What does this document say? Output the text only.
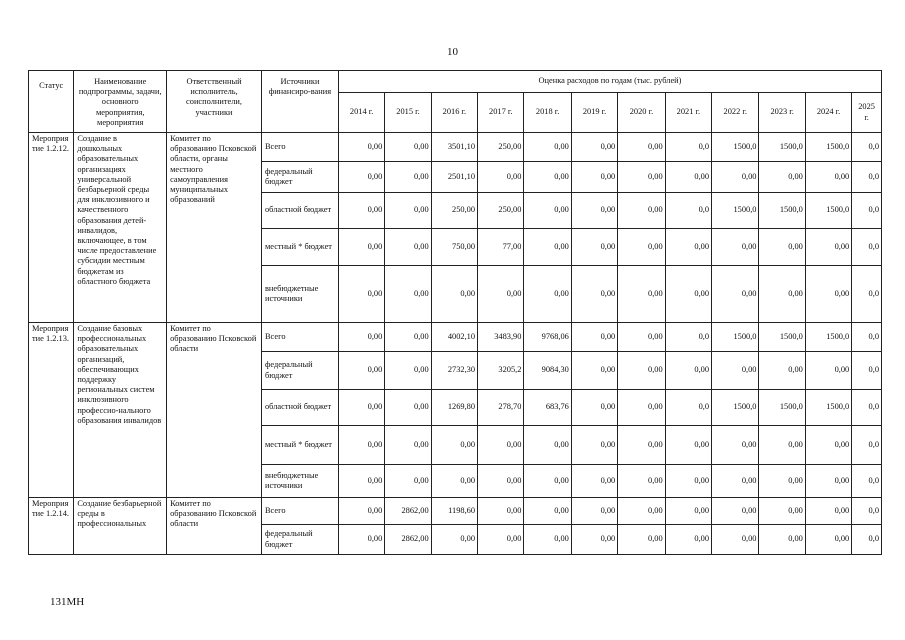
10
Статус	Наименование подпрограммы, задачи, основного мероприятия, мероприятия	Ответственный исполнитель, соисполнители, участники	Источники финансиро-вания	Оценка расходов по годам (тыс. рублей)											
				2014 г.	2015 г.	2016 г.	2017 г.	2018 г.	2019 г.	2020 г.	2021 г.	2022 г.	2023 г.	2024 г.	2025 г.
Мероприятие 1.2.12.	Создание в дошкольных образовательных организациях универсальной безбарьерной среды для инклюзивного и качественного образования детей-инвалидов, включающее, в том числе предоставление субсидии местным бюджетам из областного бюджета	Комитет по образованию Псковской области, органы местного самоуправления муниципальных образований	Всего	0,00	0,00	3501,10	250,00	0,00	0,00	0,00	0,0	1500,0	1500,0	1500,0	0,0
			федеральный бюджет	0,00	0,00	2501,10	0,00	0,00	0,00	0,00	0,00	0,00	0,00	0,00	0,0
			областной бюджет	0,00	0,00	250,00	250,00	0,00	0,00	0,00	0,0	1500,0	1500,0	1500,0	0,0
			местный * бюджет	0,00	0,00	750,00	77,00	0,00	0,00	0,00	0,00	0,00	0,00	0,00	0,0
			внебюджетные источники	0,00	0,00	0,00	0,00	0,00	0,00	0,00	0,00	0,00	0,00	0,00	0,0
Мероприятие 1.2.13.	Создание базовых профессиональных образовательных организаций, обеспечивающих поддержку региональных систем инклюзивного профессио-нального образования инвалидов	Комитет по образованию Псковской области	Всего	0,00	0,00	4002,10	3483,90	9768,06	0,00	0,00	0,0	1500,0	1500,0	1500,0	0,0
			федеральный бюджет	0,00	0,00	2732,30	3205,2	9084,30	0,00	0,00	0,00	0,00	0,00	0,00	0,0
			областной бюджет	0,00	0,00	1269,80	278,70	683,76	0,00	0,00	0,0	1500,0	1500,0	1500,0	0,0
			местный * бюджет	0,00	0,00	0,00	0,00	0,00	0,00	0,00	0,00	0,00	0,00	0,00	0,0
			внебюджетные источники	0,00	0,00	0,00	0,00	0,00	0,00	0,00	0,00	0,00	0,00	0,00	0,0
Мероприятие 1.2.14.	Создание безбарьерной среды в профессиональных	Комитет по образованию Псковской области	Всего	0,00	2862,00	1198,60	0,00	0,00	0,00	0,00	0,00	0,00	0,00	0,00	0,0
			федеральный бюджет	0,00	2862,00	0,00	0,00	0,00	0,00	0,00	0,00	0,00	0,00	0,00	0,0
131МН
